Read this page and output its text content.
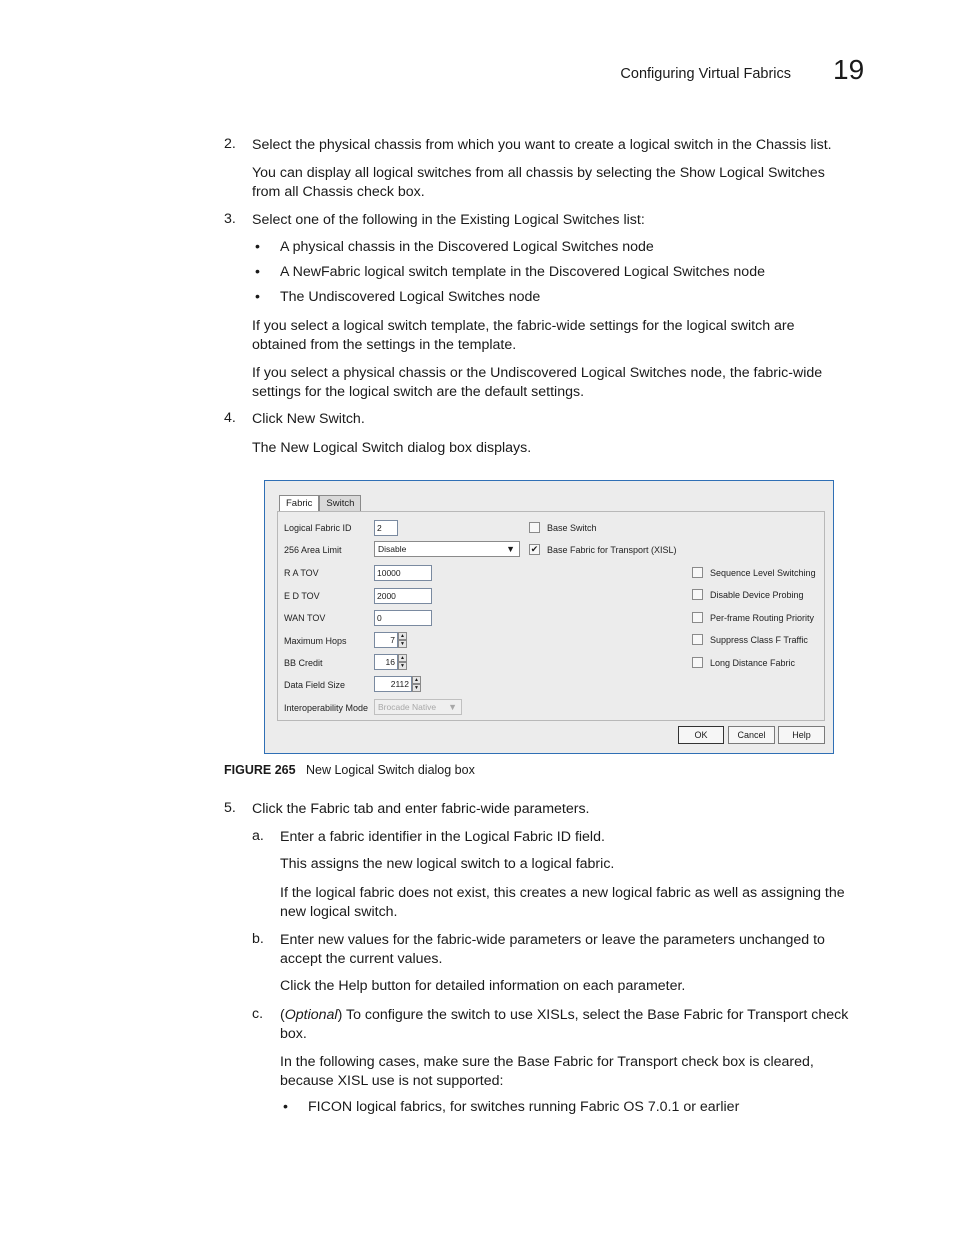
Configuring Virtual Fabrics 19
2. Select the physical chassis from which you want to create a logical switch in the Chassis list.
You can display all logical switches from all chassis by selecting the Show Logical Switches
from all Chassis check box.
3. Select one of the following in the Existing Logical Switches list:
• A physical chassis in the Discovered Logical Switches node
• A NewFabric logical switch template in the Discovered Logical Switches node
• The Undiscovered Logical Switches node
If you select a logical switch template, the fabric-wide settings for the logical switch are
obtained from the settings in the template.
If you select a physical chassis or the Undiscovered Logical Switches node, the fabric-wide
settings for the logical switch are the default settings.
4. Click New Switch.
The New Logical Switch dialog box displays.
Fabric	Switch
Logical Fabric ID	2
256 Area Limit	Disable	▼
R A TOV	10000
E D TOV	2000
WAN TOV	0
Maximum Hops	7	▲
▼
BB Credit	16	▲
▼
Data Field Size	2112	▲
▼
Interoperability Mode	Brocade Native ▼
Base Switch
✔ Base Fabric for Transport (XISL)
Sequence Level Switching
Disable Device Probing
Per-frame Routing Priority
Suppress Class F Traffic
Long Distance Fabric
OK	Cancel	Help
FIGURE 265 New Logical Switch dialog box
5. Click the Fabric tab and enter fabric-wide parameters.
a. Enter a fabric identifier in the Logical Fabric ID field.
This assigns the new logical switch to a logical fabric.
If the logical fabric does not exist, this creates a new logical fabric as well as assigning the
new logical switch.
b. Enter new values for the fabric-wide parameters or leave the parameters unchanged to
accept the current values.
Click the Help button for detailed information on each parameter.
c. (Optional) To configure the switch to use XISLs, select the Base Fabric for Transport check
box.
In the following cases, make sure the Base Fabric for Transport check box is cleared,
because XISL use is not supported:
• FICON logical fabrics, for switches running Fabric OS 7.0.1 or earlier
